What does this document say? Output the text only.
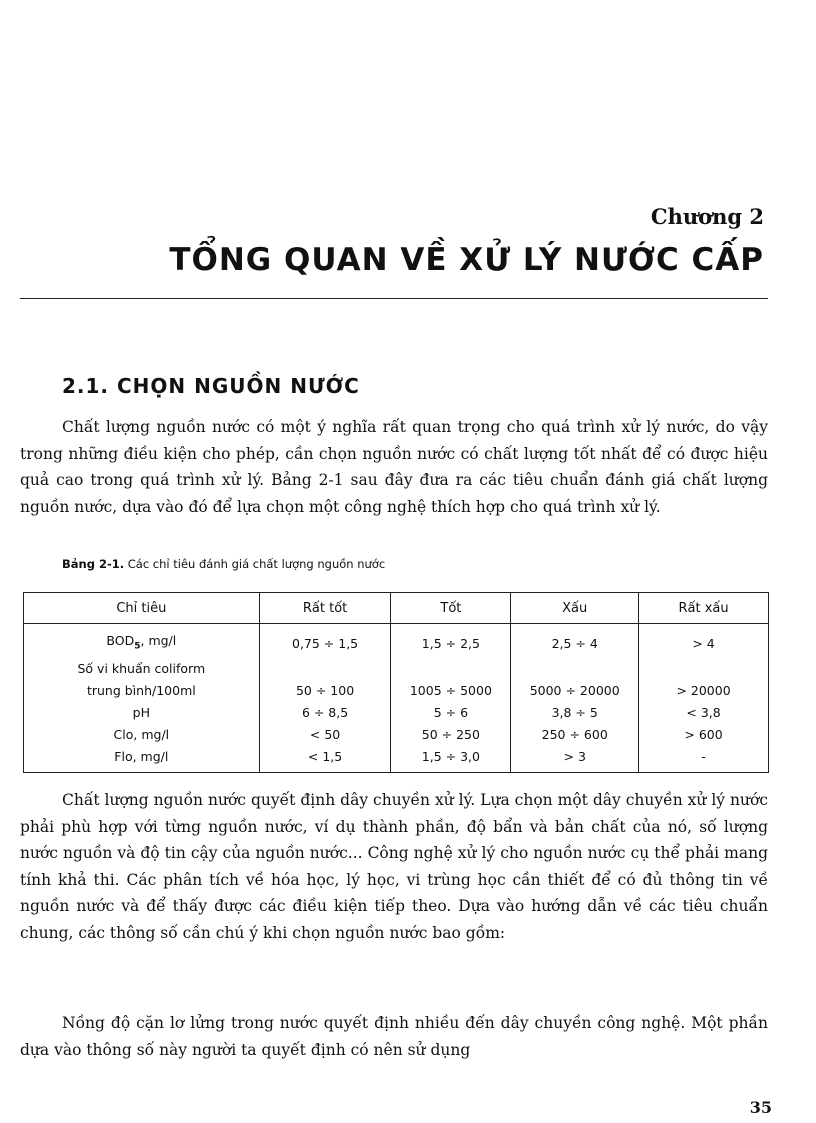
Chương 2

TỔNG QUAN VỀ XỬ LÝ NƯỚC CẤP
2.1. CHỌN NGUỒN NƯỚC

Chất lượng nguồn nước có một ý nghĩa rất quan trọng cho quá trình xử lý nước, do vậy trong những điều kiện cho phép, cần chọn nguồn nước có chất lượng tốt nhất để có được hiệu quả cao trong quá trình xử lý. Bảng 2-1 sau đây đưa ra các tiêu chuẩn đánh giá chất lượng nguồn nước, dựa vào đó để lựa chọn một công nghệ thích hợp cho quá trình xử lý.

Bảng 2-1. Các chỉ tiêu đánh giá chất lượng nguồn nước

Chỉ tiêu	Rất tốt	Tốt	Xấu	Rất xấu
$BOD_5$, mg/l	0,75 ÷ 1,5	1,5 ÷ 2,5	2,5 ÷ 4	> 4
Số vi khuẩn coliform				
trung bình/100ml	50 ÷ 100	1005 ÷ 5000	5000 ÷ 20000	> 20000
pH	6 ÷ 8,5	5 ÷ 6	3,8 ÷ 5	< 3,8
Clo, mg/l	< 50	50 ÷ 250	250 ÷ 600	> 600
Flo, mg/l	< 1,5	1,5 ÷ 3,0	> 3	-

Chất lượng nguồn nước quyết định dây chuyền xử lý. Lựa chọn một dây chuyền xử lý nước phải phù hợp với từng nguồn nước, ví dụ thành phần, độ bẩn và bản chất của nó, số lượng nước nguồn và độ tin cậy của nguồn nước... Công nghệ xử lý cho nguồn nước cụ thể phải mang tính khả thi. Các phân tích về hóa học, lý học, vi trùng học cần thiết để có đủ thông tin về nguồn nước và để thấy được các điều kiện tiếp theo. Dựa vào hướng dẫn về các tiêu chuẩn chung, các thông số cần chú ý khi chọn nguồn nước bao gồm:

Nồng độ cặn lơ lửng trong nước quyết định nhiều đến dây chuyền công nghệ. Một phần dựa vào thông số này người ta quyết định có nên sử dụng

35
